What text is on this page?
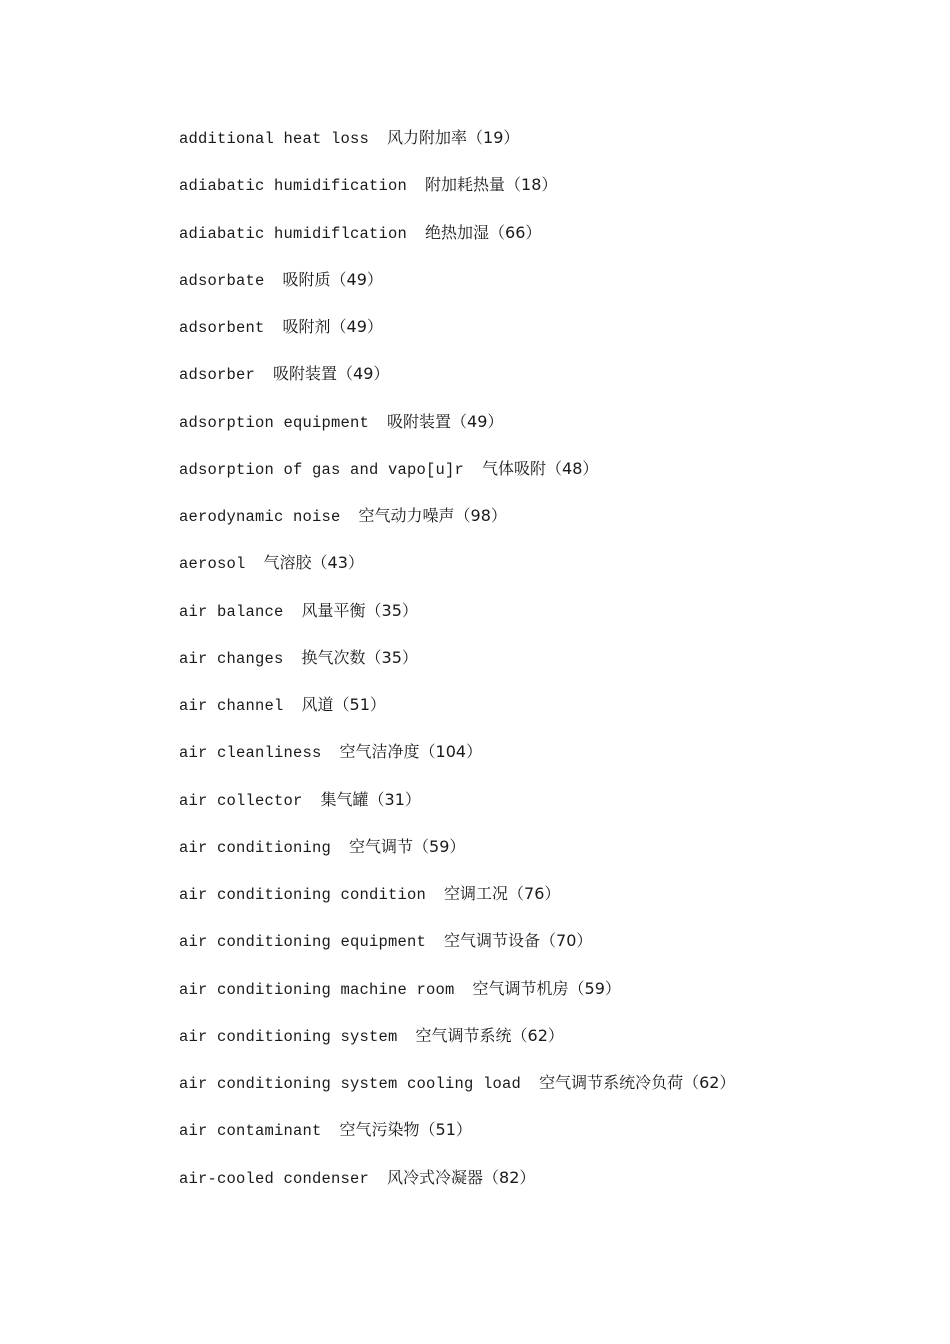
additional heat loss 风力附加率（19）
adiabatic humidification 附加耗热量（18）
adiabatic humidiflcation 绝热加湿（66）
adsorbate 吸附质（49）
adsorbent 吸附剂（49）
adsorber 吸附装置（49）
adsorption equipment 吸附装置（49）
adsorption of gas and vapo[u]r 气体吸附（48）
aerodynamic noise 空气动力噪声（98）
aerosol 气溶胶（43）
air balance 风量平衡（35）
air changes 换气次数（35）
air channel 风道（51）
air cleanliness 空气洁净度（104）
air collector 集气罐（31）
air conditioning 空气调节（59）
air conditioning condition 空调工况（76）
air conditioning equipment 空气调节设备（70）
air conditioning machine room 空气调节机房（59）
air conditioning system 空气调节系统（62）
air conditioning system cooling load 空气调节系统冷负荷（62）
air contaminant 空气污染物（51）
air-cooled condenser 风冷式冷凝器（82）
